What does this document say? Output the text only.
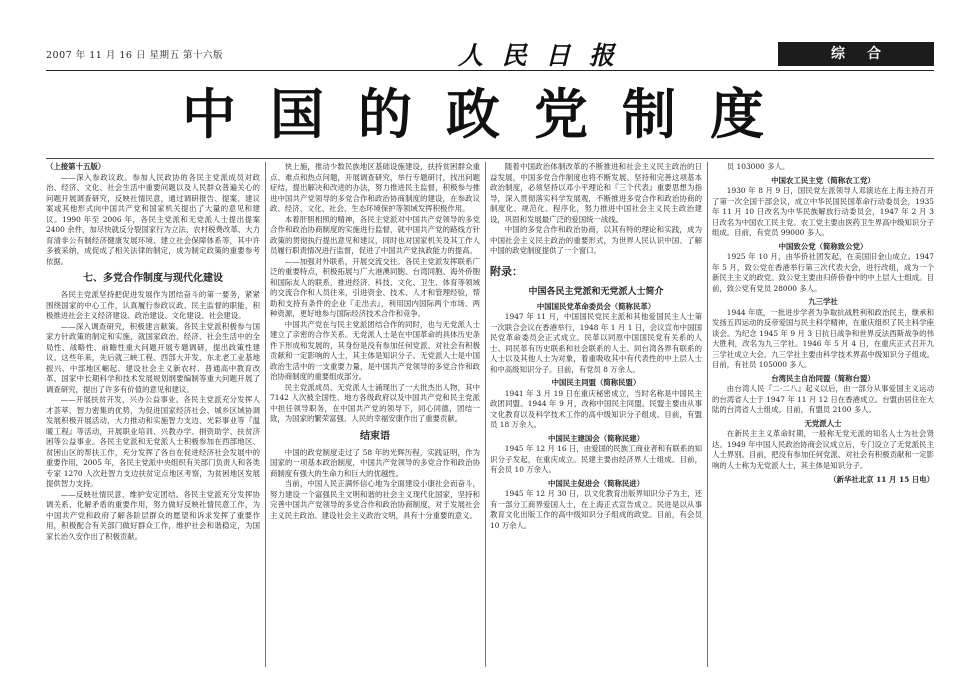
2007 年 11 月 16 日 星期五 第十六版	人 民 日 报	综合
中国的政党制度

（上接第十五版）

——深入参政议政。参加人民政协的各民主党派成员对政治、经济、文化、社会生活中重要问题以及人民群众普遍关心的问题开展调查研究，反映社情民意，通过调研报告、提案、建议案或其他形式向中国共产党和国家机关提出了大量的意见和建议。1990 年至 2006 年，各民主党派和无党派人士提出提案 2400 余件，加尽快就反分裂国家行为立法、农村税费改革、大力育清非公有制经济健康发展环境、建立社会保障体系等，其中许多被采纳，成促成了相关法律的制定，成为制定政策的重要参考依据。

七、多党合作制度与现代化建设

各民主党派坚持把促进发展作为团结奋斗的第一要务，紧紧围绕国家的中心工作，认真履行参政议政、民主监督的职能，积极推进社会主义经济建设、政治建设、文化建设、社会建设。

——深入调查研究，积极建言献策。各民主党派积极参与国家方针政策的制定和实施，就国家政治、经济、社会生活中的全局性、战略性、前瞻性重大问题开展专题调研，提出政策性建议。这些年来，先后就三峡工程、西部大开发、东北老工业基地振兴、中部地区崛起、建设社会主义新农村、普通高中教育改革、国家中长期科学和技术发展规划纲要编制等重大问题开展了调查研究，提出了许多有价值的意见和建议。

——开展扶贫开发，兴办公益事业。各民主党派充分发挥人才荟萃、智力密集的优势，为促进国家经济社会、城乡区域协调发展积极开展活动，大力推动和实施智力支边、光彩事业等『温暖工程』等活动，开展职业培训、兴教办学、捐资助学、扶贫济困等公益事业。各民主党派和无党派人士积极参加在西部地区、贫困山区的帮扶工作，充分发挥了各自在促进经济社会发展中的重要作用，2005 年，各民主党派中央组织有关部门负责人和各类专家 1270 人次赴智力支边扶贫定点地区考察，为贫困地区发展提供智力支持。

——反映社情民意，维护安定团结。各民主党派充分发挥协调关系、化解矛盾的重要作用，努力做好反映社情民意工作，为中国共产党和政府了解各阶层群众的愿望和诉求发挥了重要作用，积极配合有关部门做好群众工作，维护社会和谐稳定，为国家长治久安作出了积极贡献。

快上施，推动少数民族地区基础设施建设，扶持贫困群众重点、难点和热点问题，开展调查研究，举行专题研讨，找出问题症结，提出解决和改进的办法，努力推进民主监督，积极参与推进中国共产党领导的多党合作和政治协商制度的建设，在参政议政、经济、文化、社会、生态环境保护等领域发挥积极作用。

本着肝胆相照的精神，各民主党派对中国共产党领导的多党合作和政治协商制度的实施进行监督，就中国共产党的路线方针政策的贯彻执行提出意见和建议，同时也对国家机关及其工作人员履行职责情况进行监督，促进了中国共产党执政能力的提高。

——加强对外联系，开展交流交往。各民主党派发挥联系广泛的重要特点，积极拓展与广大港澳同胞、台湾同胞、海外侨胞和国际友人的联系，推进经济、科技、文化、卫生、体育等领域的交流合作和人员往来，引进资金、技术、人才和管理经验，帮助和支持有条件的企业『走出去』，利用国内国际两个市场、两种资源，更好地参与国际经济技术合作和竞争。

中国共产党在与民主党派团结合作的同时，也与无党派人士建立了亲密的合作关系。无党派人士是在中国革命的具体历史条件下形成和发展的，其身份是没有参加任何党派、对社会有积极贡献和一定影响的人士，其主体是知识分子。无党派人士是中国政治生活中的一支重要力量，是中国共产党领导的多党合作和政治协商制度的重要组成部分。

民主党派成员、无党派人士涌现出了一大批杰出人物，其中 7142 人次被全国性、地方各级政府以及中国共产党和民主党派中担任领导职务，在中国共产党的领导下，同心同德，团结一致，为国家的繁荣富强、人民的幸福安康作出了重要贡献。

结束语

中国的政党制度走过了 58 年的光辉历程，实践证明，作为国家的一项基本政治制度，中国共产党领导的多党合作和政治协商制度有强大的生命力和巨大的优越性。

当前，中国人民正满怀信心地为全面建设小康社会而奋斗，努力建设一个富强民主文明和谐的社会主义现代化国家，坚持和完善中国共产党领导的多党合作和政治协商制度，对于发展社会主义民主政治、建设社会主义政治文明，具有十分重要的意义。

随着中国政治体制改革的不断推进和社会主义民主政治的日益发展，中国多党合作制度也将不断发展、坚持和完善这项基本政治制度，必须坚持以邓小平理论和『三个代表』重要思想为指导，深入贯彻落实科学发展观，不断推进多党合作和政治协商的制度化、规范化、程序化，努力推进中国社会主义民主政治建设，巩固和发展最广泛的爱国统一战线。

中国的多党合作和政治协商，以其有特的理论和实践，成为中国社会主义民主政治的重要形式，为世界人民认识中国、了解中国的政党制度提供了一个窗口。

附录：

中国各民主党派和无党派人士简介

中国国民党革命委员会（简称民革）

1947 年 11 月，中国国民党民主派和其他爱国民主人士第一次联合会议在香港举行，1948 年 1 月 1 日，会议宣布中国国民党革命委员会正式成立。民革以同原中国国民党有关系的人士、同民革有历史联系和社会联系的人士、同台湾各界有联系的人士以及其他人士为对象，着重吸收其中有代表性的中上层人士和中高级知识分子。目前，有党员 8 万余人。

中国民主同盟（简称民盟）

1941 年 3 月 19 日在重庆秘密成立，当时名称是中国民主政团同盟。1944 年 9 月，改称中国民主同盟。民盟主要由从事文化教育以及科学技术工作的高中级知识分子组成。目前，有盟员 18 万余人。

中国民主建国会（简称民建）

1945 年 12 月 16 日，由爱国的民族工商业者和有联系的知识分子发起，在重庆成立。民建主要由经济界人士组成。目前，有会员 10 万余人。

中国民主促进会（简称民进）

1945 年 12 月 30 日，以文化教育出版界知识分子为主，还有一部分工商界爱国人士，在上海正式宣告成立。民进是以从事教育文化出版工作的高中级知识分子组成的政党。目前，有会员 10 万余人。

员 103000 多人。

中国农工民主党（简称农工党）

1930 年 8 月 9 日，国民党左派领导人邓演达在上海主持召开了第一次全国干部会议，成立中华民国民国革命行动委员会，1935 年 11 月 10 日改名为中华民族解放行动委员会，1947 年 2 月 3 日改名为中国农工民主党。农工党主要由医药卫生界高中级知识分子组成。目前，有党员 99000 多人。

中国致公党（简称致公党）

1925 年 10 月，由华侨社团发起，在美国旧金山成立。1947 年 5 月，致公党在香港举行第三次代表大会，进行改组，成为一个新民主主义的政党。致公党主要由归侨侨眷中的中上层人士组成。目前，致公党有党员 28000 多人。

九三学社

1944 年底，一批进步学者为争取抗战胜利和政治民主，继承和发扬五四运动的反帝爱国与民主科学精神，在重庆组织了民主科学座谈会。为纪念 1945 年 9 月 3 日抗日战争和世界反法西斯战争的伟大胜利，改名为九三学社。1946 年 5 月 4 日，在重庆正式召开九三学社成立大会。九三学社主要由科学技术界高中级知识分子组成。目前，有社员 105000 多人。

台湾民主自治同盟（简称台盟）

由台湾人民『二·二八』起义以后，由一部分从事爱国主义运动的台湾省人士于 1947 年 11 月 12 日在香港成立。台盟由居住在大陆的台湾省人士组成。目前，有盟员 2100 多人。

无党派人士

在新民主主义革命时期，一般称无党无派的知名人士为社会贤达。1949 年中国人民政治协商会议成立后，专门设立了无党派民主人士界别。目前，把没有参加任何党派、对社会有积极贡献和一定影响的人士称为无党派人士，其主体是知识分子。

（新华社北京 11 月 15 日电）
